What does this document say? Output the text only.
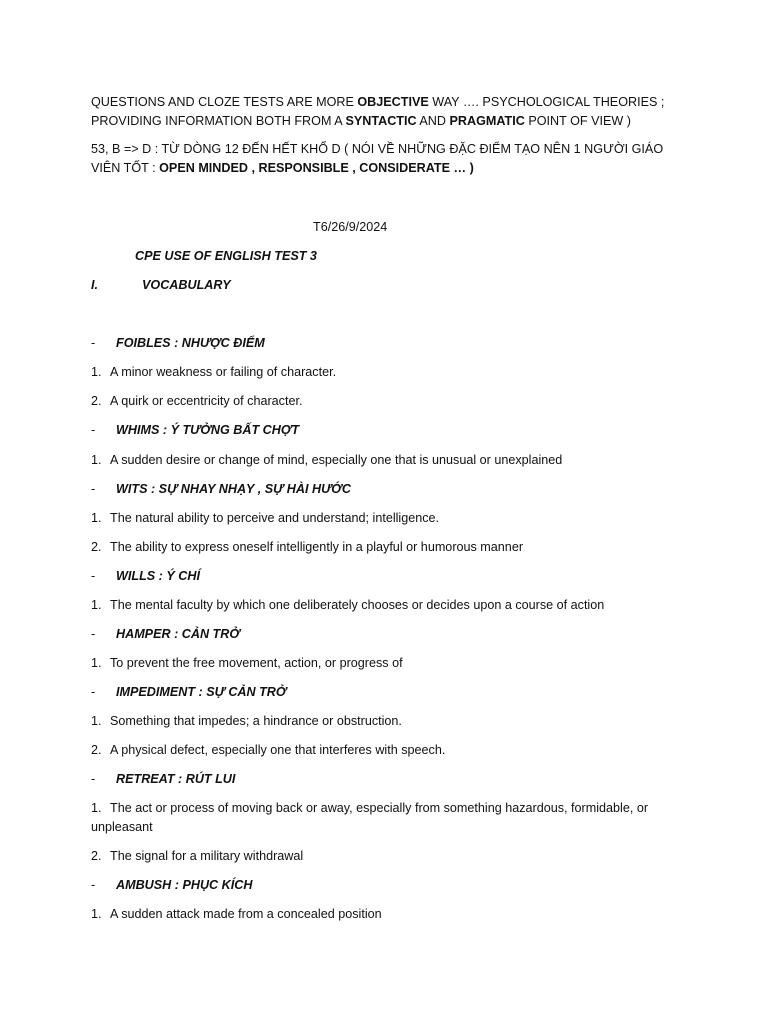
QUESTIONS AND CLOZE TESTS ARE MORE OBJECTIVE WAY …. PSYCHOLOGICAL THEORIES ; PROVIDING INFORMATION BOTH FROM A SYNTACTIC AND PRAGMATIC POINT OF VIEW )
53, B => D : TỪ DÒNG 12 ĐẾN HẾT KHỔ D ( NÓI VỀ NHỮNG ĐẶC ĐIỂM TẠO NÊN 1 NGƯỜI GIÁO VIÊN TỐT : OPEN MINDED , RESPONSIBLE , CONSIDERATE … )
T6/26/9/2024
CPE USE OF ENGLISH TEST 3
I.	VOCABULARY
- FOIBLES : NHƯỢC ĐIỂM
1. A minor weakness or failing of character.
2. A quirk or eccentricity of character.
- WHIMS : Ý TƯỞNG BẤT CHỢT
1. A sudden desire or change of mind, especially one that is unusual or unexplained
- WITS : SỰ NHAY NHẠY , SỰ HÀI HƯỚC
1. The natural ability to perceive and understand; intelligence.
2. The ability to express oneself intelligently in a playful or humorous manner
- WILLS : Ý CHÍ
1. The mental faculty by which one deliberately chooses or decides upon a course of action
- HAMPER : CẢN TRỞ
1. To prevent the free movement, action, or progress of
- IMPEDIMENT : SỰ CẢN TRỞ
1. Something that impedes; a hindrance or obstruction.
2. A physical defect, especially one that interferes with speech.
- RETREAT : RÚT LUI
1. The act or process of moving back or away, especially from something hazardous, formidable, or unpleasant
2. The signal for a military withdrawal
- AMBUSH : PHỤC KÍCH
1. A sudden attack made from a concealed position
